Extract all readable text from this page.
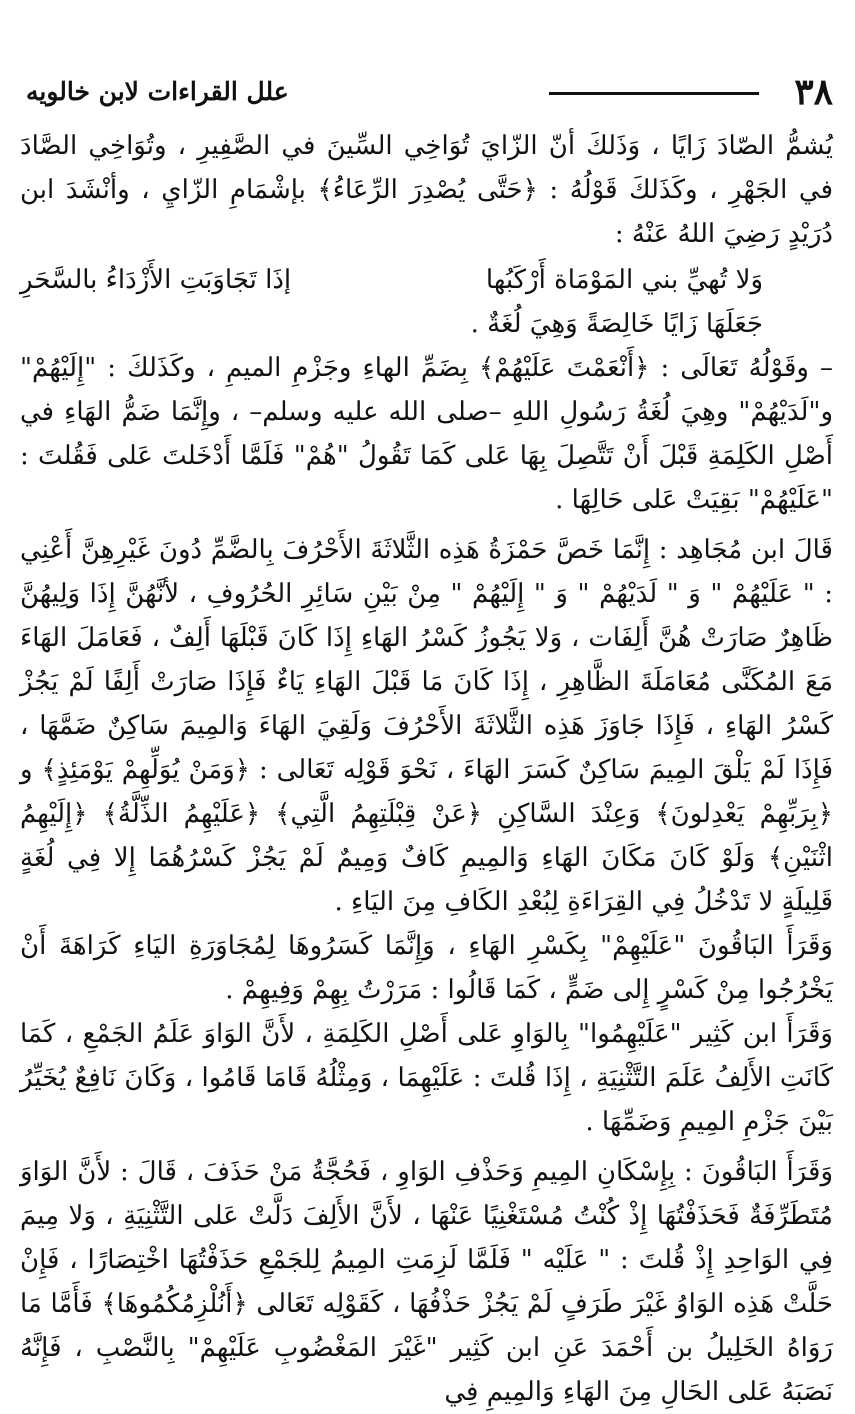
٣٨
علل القراءات لابن خالويه

يُشمُّ الصّادَ زَايًا ، وَذَلكَ أنّ الزّايَ تُوَاخِي السِّينَ في الصَّفِيرِ ، وتُوَاخِي الصَّادَ في الجَهْرِ ، وكَذَلكَ قَوْلُهُ : ﴿حَتَّى يُصْدِرَ الرِّعَاءُ﴾ بإشْمَامِ الزّايِ ، وأنْشَدَ ابن دُرَيْدٍ رَضِيَ اللهُ عَنْهُ :

وَلا تُهيِّ بني المَوْمَاة أَرْكَبُها
إذَا تَجَاوَبَتِ الأَزْدَاءُ بالسَّحَرِ

جَعَلَهَا زَايًا خَالِصَةً وَهِيَ لُغَةٌ .

– وقَوْلُهُ تَعَالَى : ﴿أَنْعَمْتَ عَلَيْهُمْ﴾ بِضَمِّ الهاءِ وجَزْمِ الميمِ ، وكَذَلكَ : "إِلَيْهُمْ" و"لَدَيْهُمْ" وهِيَ لُغَةُ رَسُولِ اللهِ –صلى الله عليه وسلم– ، وإِنَّمَا ضَمُّ الهَاءِ في أَصْلِ الكَلِمَةِ قَبْلَ أَنْ تَتَّصِلَ بِهَا عَلى كَمَا تَقُولُ "هُمْ" فَلَمَّا أَدْخَلتَ عَلى فَقُلتَ : "عَلَيْهُمْ" بَقِيَتْ عَلى حَالِهَا .

قَالَ ابن مُجَاهِد : إِنَّمَا خَصَّ حَمْزَةُ هَذِه الثَّلاثَةَ الأَحْرُفَ بِالضَّمِّ دُونَ غَيْرِهِنَّ أَعْنِي : " عَلَيْهُمْ " وَ " لَدَيْهُمْ " وَ " إِلَيْهُمْ " مِنْ بَيْنِ سَائِرِ الحُرُوفِ ، لأنَّهُنَّ إِذَا وَلِيهُنَّ ظَاهِرٌ صَارَتْ هُنَّ أَلِفَات ، وَلا يَجُوزُ كَسْرُ الهَاءِ إِذَا كَانَ قَبْلَهَا أَلِفٌ ، فَعَامَلَ الهَاءَ مَعَ المُكَنَّى مُعَامَلَةَ الظَّاهِرِ ، إِذَا كَانَ مَا قَبْلَ الهَاءِ يَاءٌ فَإِذَا صَارَتْ أَلِفًا لَمْ يَجُزْ كَسْرُ الهَاءِ ، فَإِذَا جَاوَزَ هَذِه الثَّلاثَةَ الأَحْرُفَ وَلَقِيَ الهَاءَ وَالمِيمَ سَاكِنٌ ضَمَّهَا ، فَإِذَا لَمْ يَلْقَ المِيمَ سَاكِنٌ كَسَرَ الهَاءَ ، نَحْوَ قَوْلِه تَعَالى : ﴿وَمَنْ يُوَلِّهِمْ يَوْمَئِذٍ﴾ و ﴿بِرَبِّهِمْ يَعْدِلونَ﴾ وَعِنْدَ السَّاكِنِ ﴿عَنْ قِبْلَتِهِمُ الَّتِي﴾ ﴿عَلَيْهِمُ الذِّلَّةُ﴾ ﴿إِلَيْهِمُ اثْنَيْنِ﴾ وَلَوْ كَانَ مَكَانَ الهَاءِ وَالمِيمِ كَافٌ وَمِيمٌ لَمْ يَجُزْ كَسْرُهُمَا إِلا فِي لُغَةٍ قَلِيلَةٍ لا تَدْخُلُ فِي القِرَاءَةِ لِبُعْدِ الكَافِ مِنَ اليَاءِ .

وَقَرَأَ البَاقُونَ "عَلَيْهِمْ" بِكَسْرِ الهَاءِ ، وَإِنَّمَا كَسَرُوهَا لِمُجَاوَرَةِ اليَاءِ كَرَاهَةَ أَنْ يَخْرُجُوا مِنْ كَسْرٍ إِلى ضَمٍّ ، كَمَا قَالُوا : مَرَرْتُ بِهِمْ وَفِيهِمْ .

وَقَرَأَ ابن كَثِير "عَلَيْهِمُوا" بِالوَاوِ عَلى أَصْلِ الكَلِمَةِ ، لأَنَّ الوَاوَ عَلَمُ الجَمْعِ ، كَمَا كَانَتِ الأَلِفُ عَلَمَ التَّثْنِيَةِ ، إِذَا قُلتَ : عَلَيْهِمَا ، وَمِثْلُهُ قَامَا قَامُوا ، وَكَانَ نَافِعٌ يُخَيِّرُ بَيْنَ جَزْمِ المِيمِ وَضَمِّهَا .

وَقَرَأَ البَاقُونَ : بِإِسْكَانِ المِيمِ وَحَذْفِ الوَاوِ ، فَحُجَّةُ مَنْ حَذَفَ ، قَالَ : لأَنَّ الوَاوَ مُتَطَرِّفَةٌ فَحَذَفْتُهَا إِذْ كُنْتُ مُسْتَغْنِيًا عَنْهَا ، لأَنَّ الأَلِفَ دَلَّتْ عَلى التَّثْنِيَةِ ، وَلا مِيمَ فِي الوَاحِدِ إِذْ قُلتَ : " عَلَيْه " فَلَمَّا لَزِمَتِ المِيمُ لِلجَمْعِ حَذَفْتُهَا اخْتِصَارًا ، فَإِنْ حَلَّتْ هَذِه الوَاوُ غَيْرَ طَرَفٍ لَمْ يَجُزْ حَذْفُهَا ، كَقَوْلِه تَعَالى ﴿أَنُلْزِمُكُمُوهَا﴾ فَأَمَّا مَا رَوَاهُ الخَلِيلُ بن أَحْمَدَ عَنِ ابن كَثِير "غَيْرَ المَغْضُوبِ عَلَيْهِمْ" بِالنَّصْبِ ، فَإِنَّهُ نَصَبَهُ عَلى الحَالِ مِنَ الهَاءِ وَالمِيمِ فِي
